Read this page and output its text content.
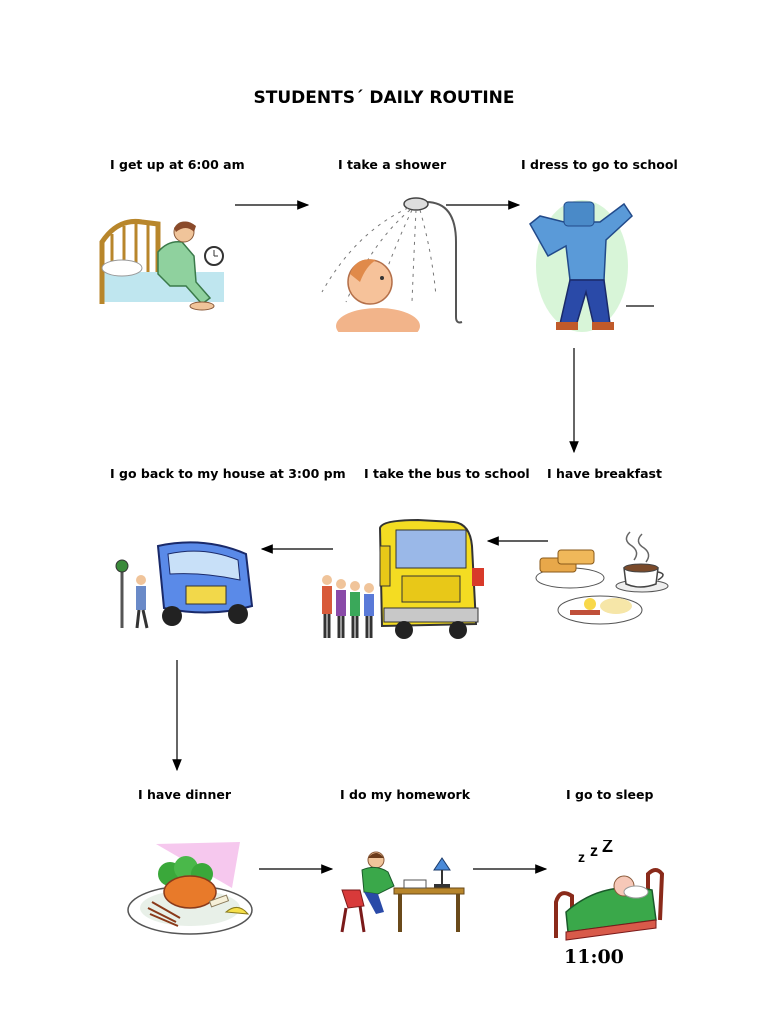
STUDENTS´ DAILY ROUTINE
I get up at 6:00 am	I take a shower	I dress to go to school
I go back to my house at 3:00 pm I take the bus to school I have breakfast
I have dinner	I do my homework	I go to sleep
z z Z
11:00
